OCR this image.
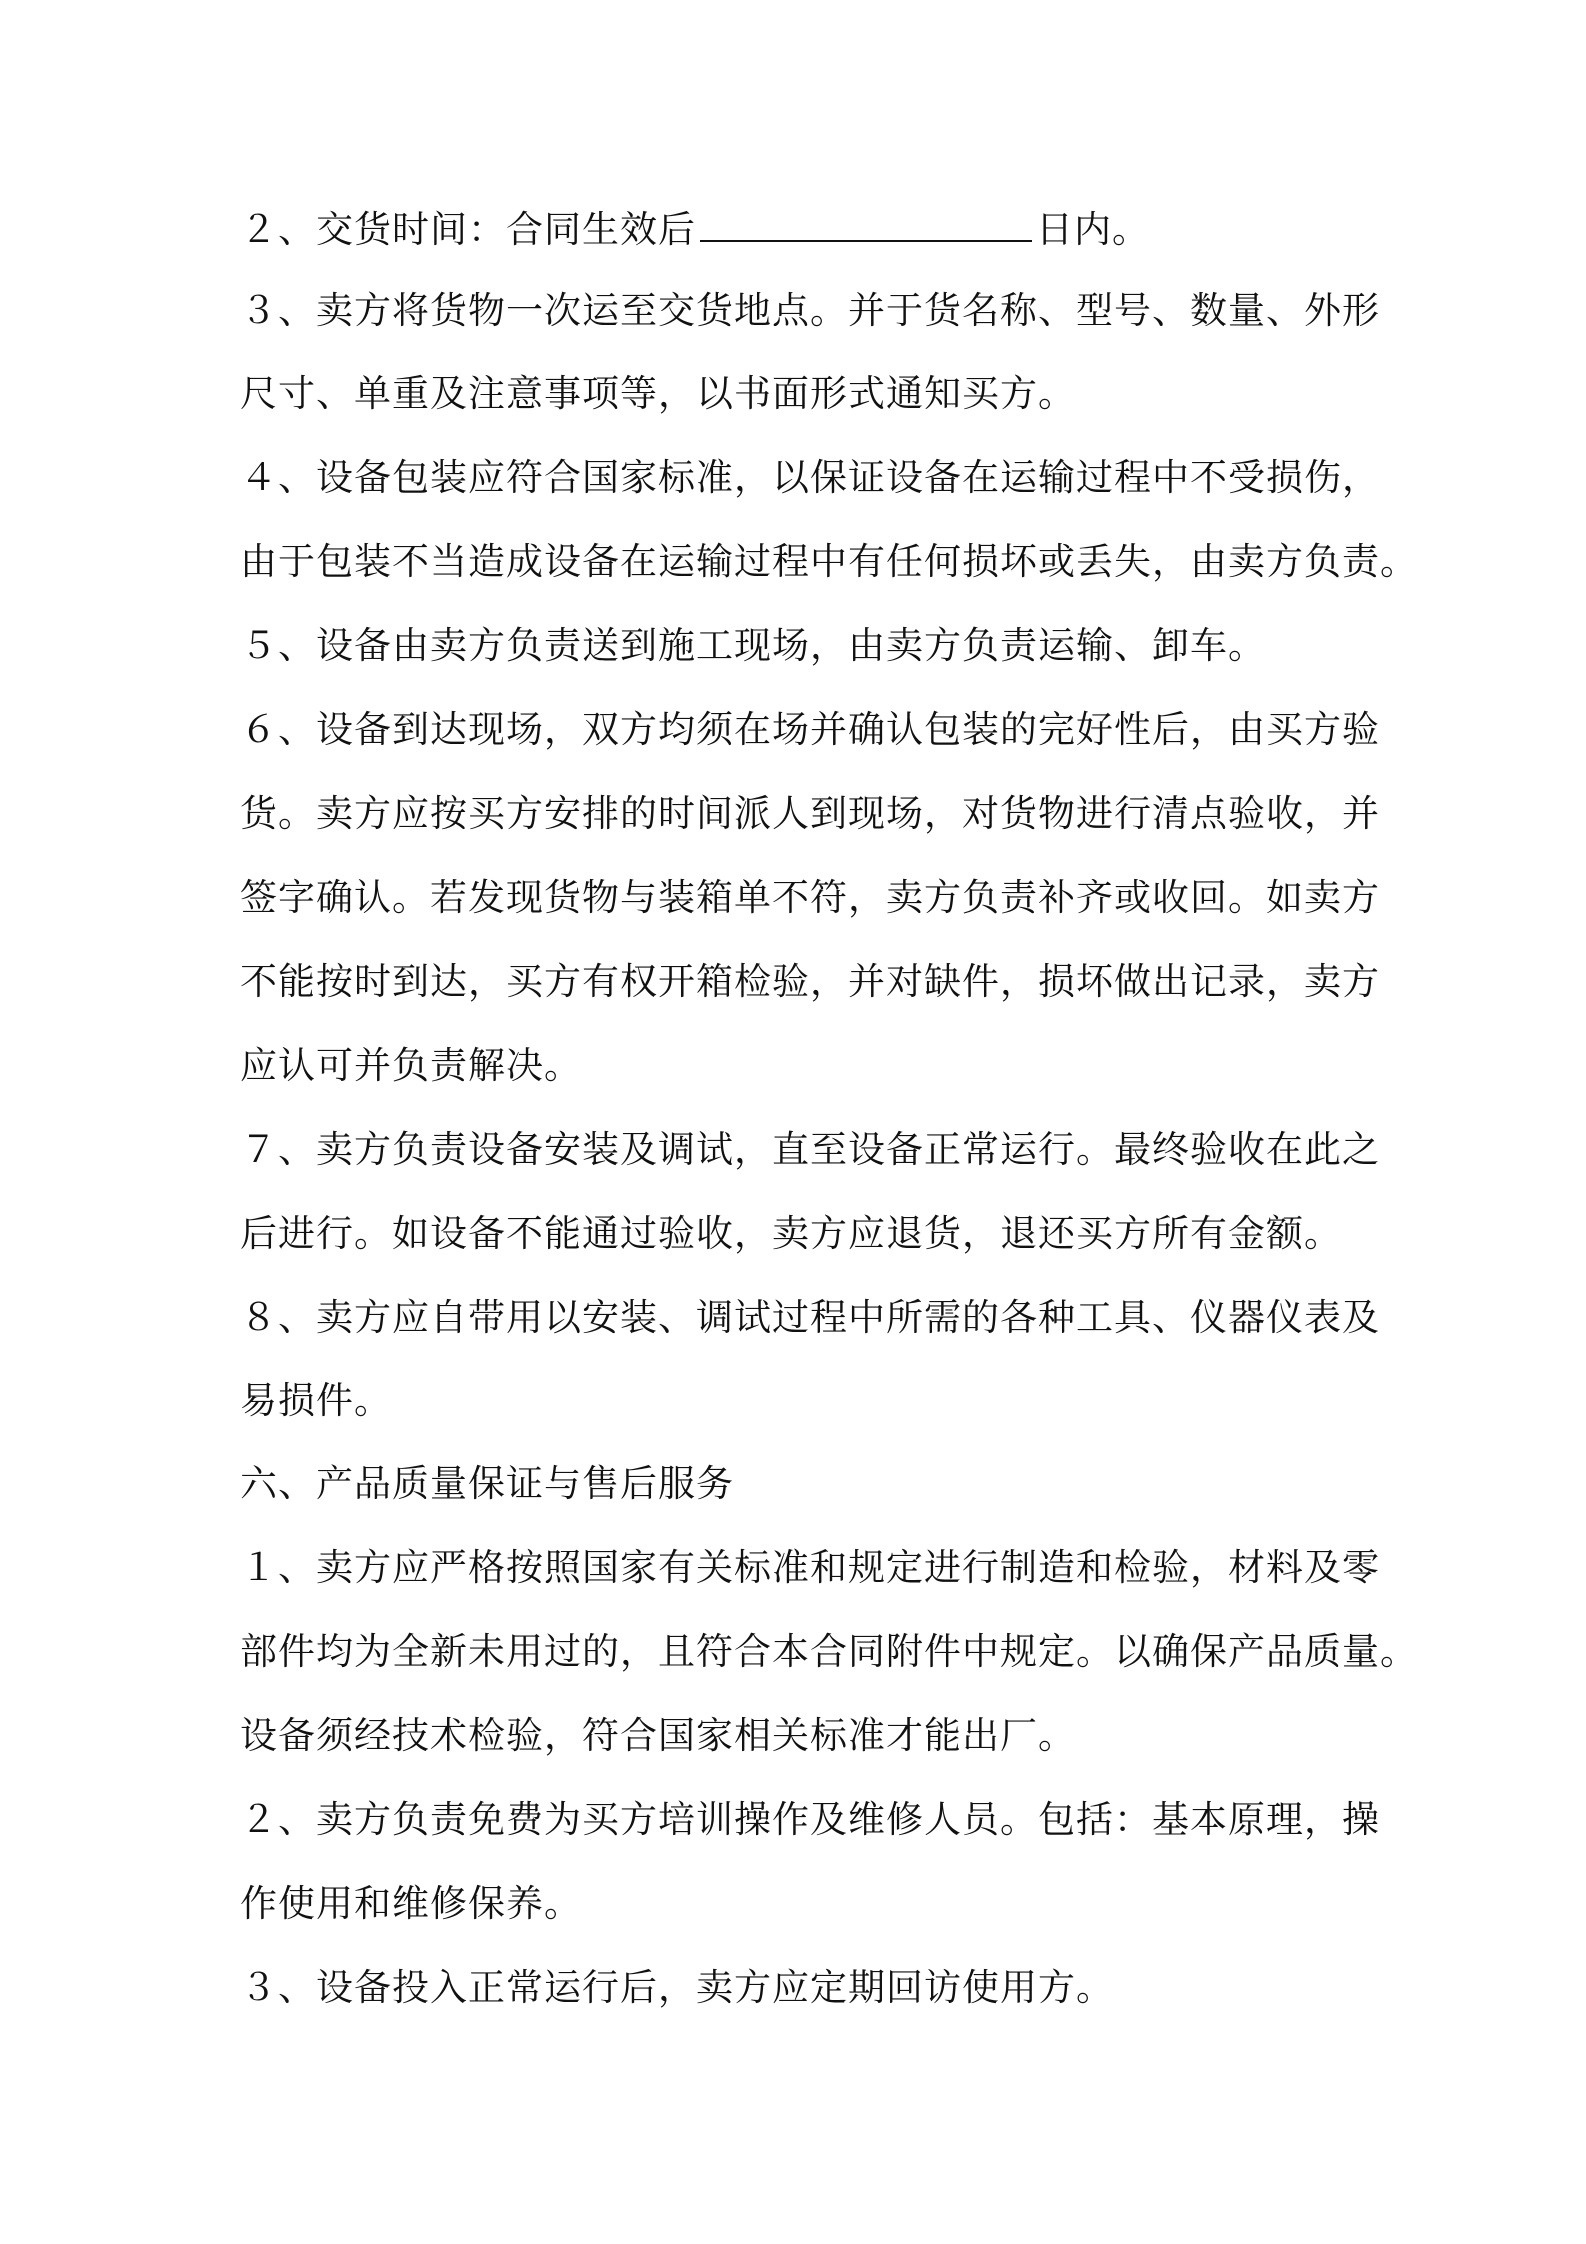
２、交货时间：合同生效后	日内。
３、卖方将货物一次运至交货地点。并于货名称、型号、数量、外形
尺寸、单重及注意事项等，以书面形式通知买方。
４、设备包装应符合国家标准，以保证设备在运输过程中不受损伤，
由于包装不当造成设备在运输过程中有任何损坏或丢失，由卖方负责。
５、设备由卖方负责送到施工现场，由卖方负责运输、卸车。
６、设备到达现场，双方均须在场并确认包装的完好性后，由买方验
货。卖方应按买方安排的时间派人到现场，对货物进行清点验收，并
签字确认。若发现货物与装箱单不符，卖方负责补齐或收回。如卖方
不能按时到达，买方有权开箱检验，并对缺件，损坏做出记录，卖方
应认可并负责解决。
７、卖方负责设备安装及调试，直至设备正常运行。最终验收在此之
后进行。如设备不能通过验收，卖方应退货，退还买方所有金额。
８、卖方应自带用以安装、调试过程中所需的各种工具、仪器仪表及
易损件。
六、产品质量保证与售后服务
１、卖方应严格按照国家有关标准和规定进行制造和检验，材料及零
部件均为全新未用过的，且符合本合同附件中规定。以确保产品质量。
设备须经技术检验，符合国家相关标准才能出厂。
２、卖方负责免费为买方培训操作及维修人员。包括：基本原理，操
作使用和维修保养。
３、设备投入正常运行后，卖方应定期回访使用方。
